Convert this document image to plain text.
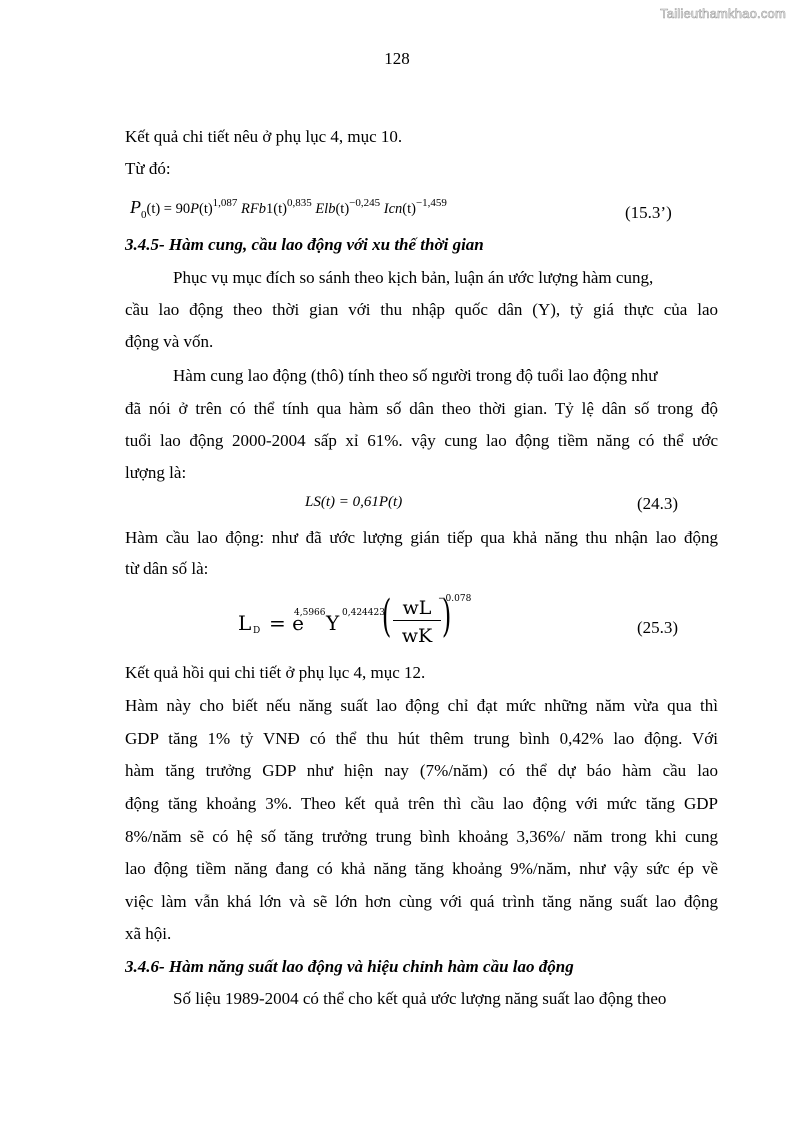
Tailieuthamkhao.com
128
Kết quả chi tiết nêu ở phụ lục 4, mục 10.
Từ đó:
$P_0(t) = 90P(t)^{1,087}$ $RFb1(t)^{0,835}$ $Elb(t)^{-0,245}$ $Icn(t)^{-1,459}$	(15.3’)
3.4.5- Hàm cung, cầu lao động với xu thế thời gian
Phục vụ mục đích so sánh theo kịch bản, luận án ước lượng hàm cung,
cầu lao động theo thời gian với thu nhập quốc dân (Y), tỷ giá thực của lao
động và vốn.
Hàm cung lao động (thô) tính theo số người trong độ tuổi lao động như
đã nói ở trên có thể tính qua hàm số dân theo thời gian. Tỷ lệ dân số trong độ
tuổi lao động 2000-2004 sấp xỉ 61%. vậy cung lao động tiềm năng có thể ước
lượng là:
LS(t) = 0,61P(t)	(24.3)
Hàm cầu lao động: như đã ước lượng gián tiếp qua khả năng thu nhận lao động
từ dân số là:
L D = e
4,5966 Y 0,424423
( wL
wK )
−0.078
(25.3)
Kết quả hồi qui chi tiết ở phụ lục 4, mục 12.
Hàm này cho biết nếu năng suất lao động chỉ đạt mức những năm vừa qua thì
GDP tăng 1% tỷ VNĐ có thể thu hút thêm trung bình 0,42% lao động. Với
hàm tăng trưởng GDP như hiện nay (7%/năm) có thể dự báo hàm cầu lao
động tăng khoảng 3%. Theo kết quả trên thì cầu lao động với mức tăng GDP
8%/năm sẽ có hệ số tăng trưởng trung bình khoảng 3,36%/ năm trong khi cung
lao động tiềm năng đang có khả năng tăng khoảng 9%/năm, như vậy sức ép về
việc làm vẫn khá lớn và sẽ lớn hơn cùng với quá trình tăng năng suất lao động
xã hội.
3.4.6- Hàm năng suất lao động và hiệu chỉnh hàm cầu lao động
Số liệu 1989-2004 có thể cho kết quả ước lượng năng suất lao động theo
